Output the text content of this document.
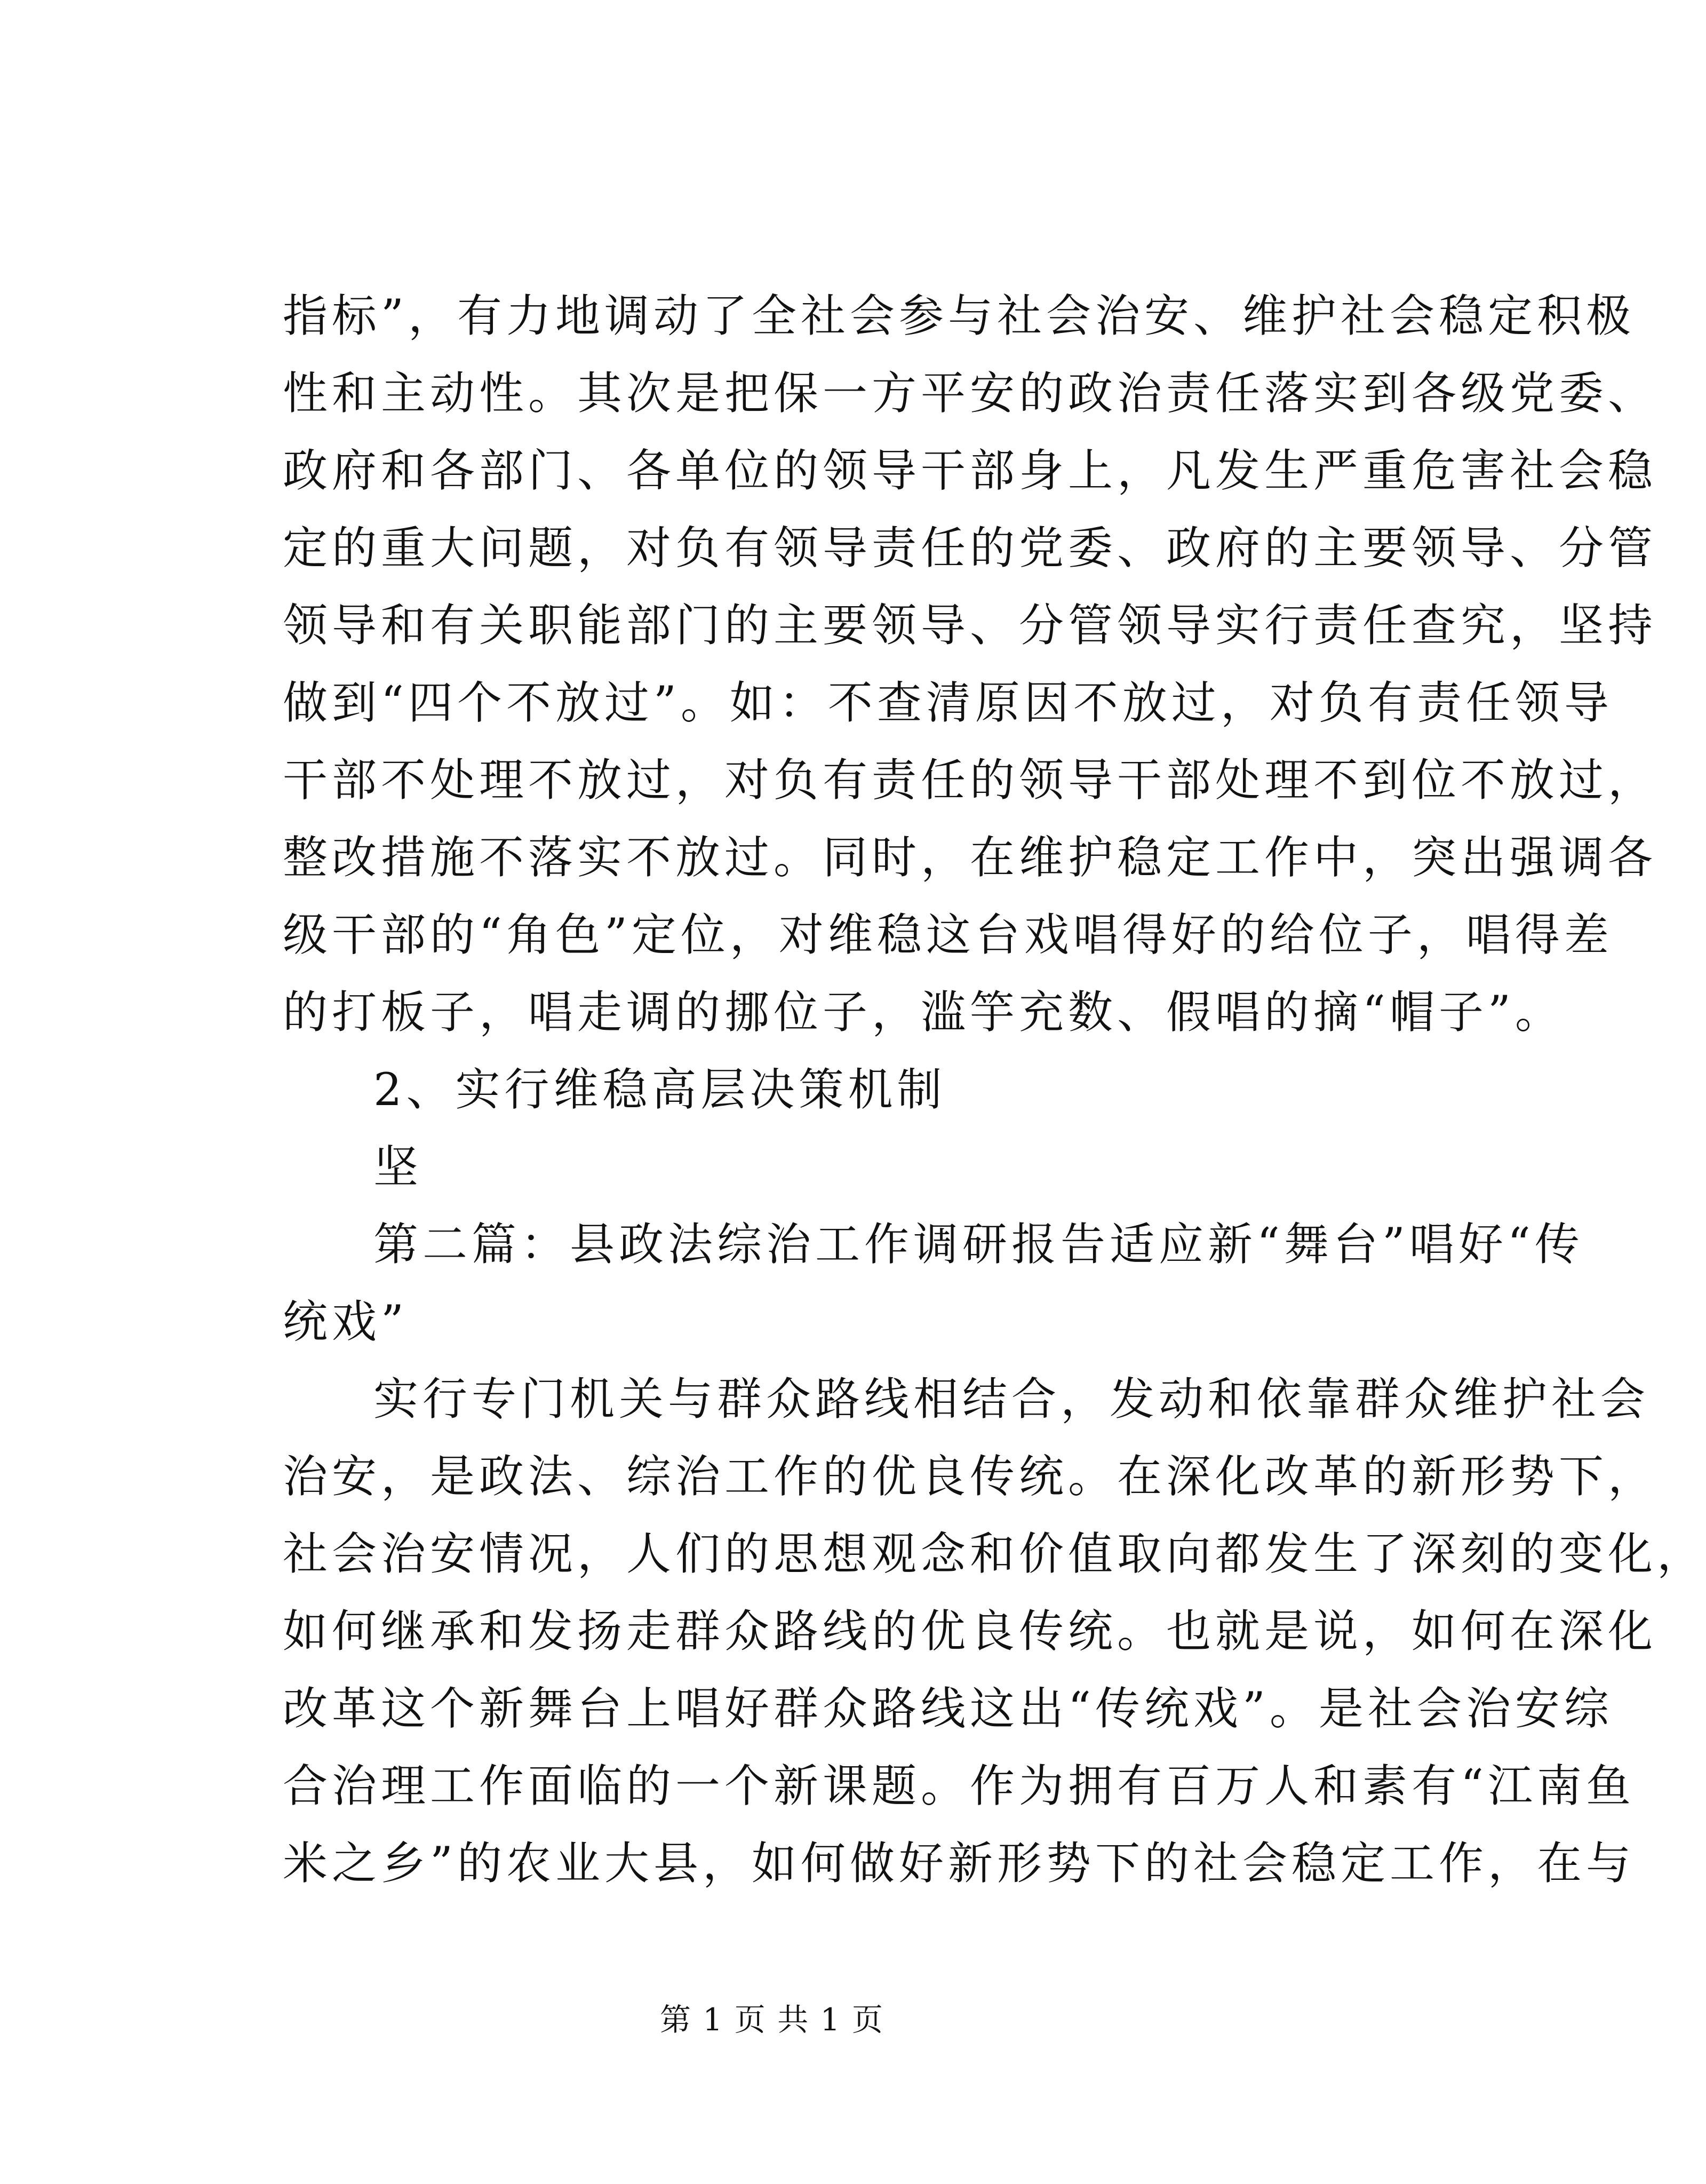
指标”，有力地调动了全社会参与社会治安、维护社会稳定积极
性和主动性。其次是把保一方平安的政治责任落实到各级党委、
政府和各部门、各单位的领导干部身上，凡发生严重危害社会稳
定的重大问题，对负有领导责任的党委、政府的主要领导、分管
领导和有关职能部门的主要领导、分管领导实行责任查究，坚持
做到“四个不放过”。如：不查清原因不放过，对负有责任领导
干部不处理不放过，对负有责任的领导干部处理不到位不放过，
整改措施不落实不放过。同时，在维护稳定工作中，突出强调各
级干部的“角色”定位，对维稳这台戏唱得好的给位子，唱得差
的打板子，唱走调的挪位子，滥竽充数、假唱的摘“帽子”。
2、实行维稳高层决策机制
坚
第二篇：县政法综治工作调研报告适应新“舞台”唱好“传
统戏”
实行专门机关与群众路线相结合，发动和依靠群众维护社会
治安，是政法、综治工作的优良传统。在深化改革的新形势下，
社会治安情况，人们的思想观念和价值取向都发生了深刻的变化，
如何继承和发扬走群众路线的优良传统。也就是说，如何在深化
改革这个新舞台上唱好群众路线这出“传统戏”。是社会治安综
合治理工作面临的一个新课题。作为拥有百万人和素有“江南鱼
米之乡”的农业大县，如何做好新形势下的社会稳定工作，在与
第 1 页 共 1 页
